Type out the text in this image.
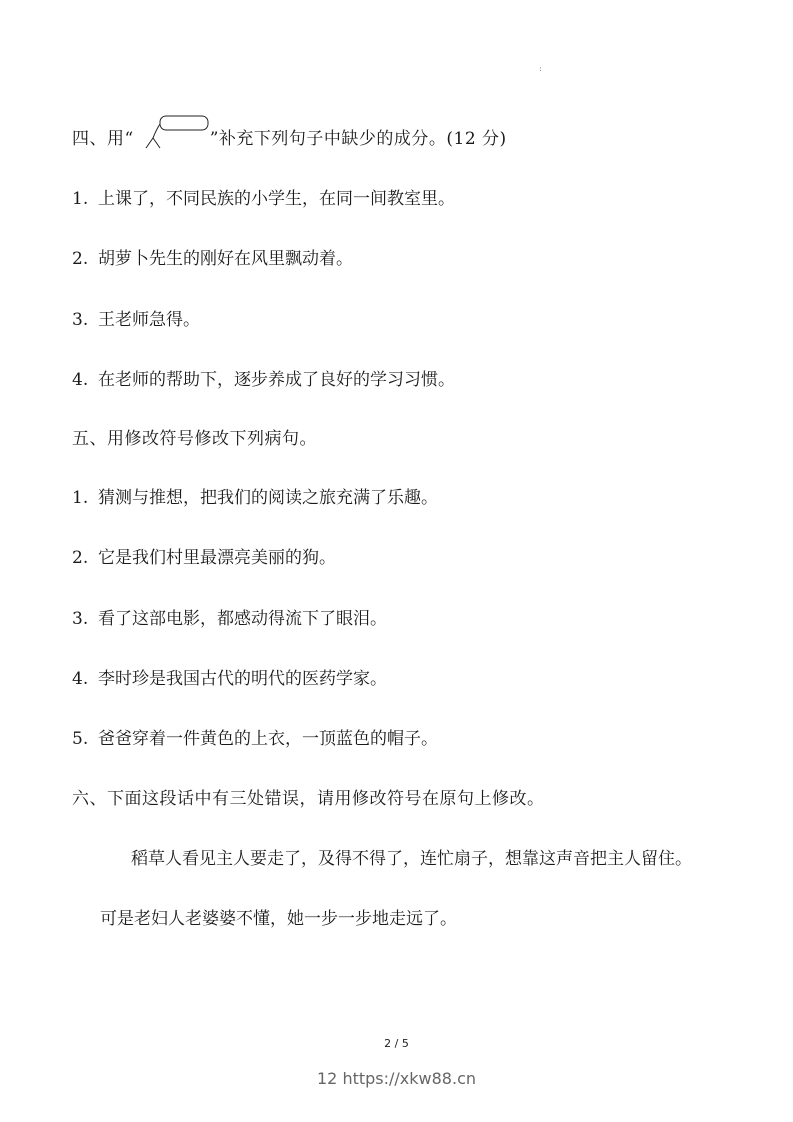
:
四、用“	”补充下列句子中缺少的成分。(12 分)
1. 上课了，不同民族的小学生，在同一间教室里。
2. 胡萝卜先生的刚好在风里飘动着。
3. 王老师急得。
4. 在老师的帮助下，逐步养成了良好的学习习惯。
五、用修改符号修改下列病句。
1. 猜测与推想，把我们的阅读之旅充满了乐趣。
2. 它是我们村里最漂亮美丽的狗。
3. 看了这部电影，都感动得流下了眼泪。
4. 李时珍是我国古代的明代的医药学家。
5. 爸爸穿着一件黄色的上衣，一顶蓝色的帽子。
六、下面这段话中有三处错误，请用修改符号在原句上修改。
稻草人看见主人要走了，及得不得了，连忙扇子，想靠这声音把主人留住。
可是老妇人老婆婆不懂，她一步一步地走远了。
2 / 5
12 https://xkw88.cn
